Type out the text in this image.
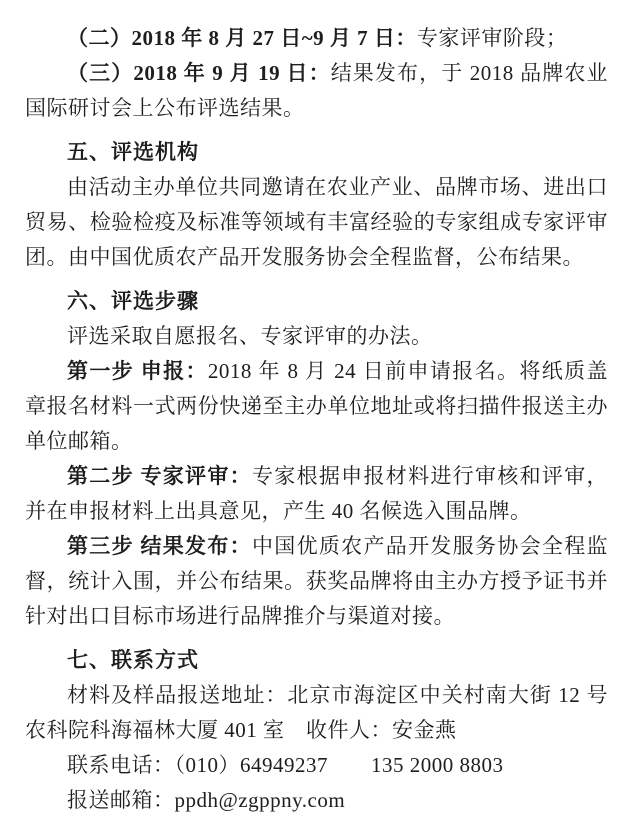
（二）2018 年 8 月 27 日~9 月 7 日：专家评审阶段；

（三）2018 年 9 月 19 日：结果发布，于 2018 品牌农业国际研讨会上公布评选结果。

五、评选机构

由活动主办单位共同邀请在农业产业、品牌市场、进出口贸易、检验检疫及标准等领域有丰富经验的专家组成专家评审团。由中国优质农产品开发服务协会全程监督，公布结果。

六、评选步骤

评选采取自愿报名、专家评审的办法。

第一步 申报：2018 年 8 月 24 日前申请报名。将纸质盖章报名材料一式两份快递至主办单位地址或将扫描件报送主办单位邮箱。

第二步 专家评审：专家根据申报材料进行审核和评审，并在申报材料上出具意见，产生 40 名候选入围品牌。

第三步 结果发布：中国优质农产品开发服务协会全程监督，统计入围，并公布结果。获奖品牌将由主办方授予证书并针对出口目标市场进行品牌推介与渠道对接。

七、联系方式

材料及样品报送地址：北京市海淀区中关村南大街 12 号农科院科海福林大厦 401 室　收件人：安金燕

联系电话：（010）64949237　　135 2000 8803

报送邮箱：ppdh@zgppny.com
